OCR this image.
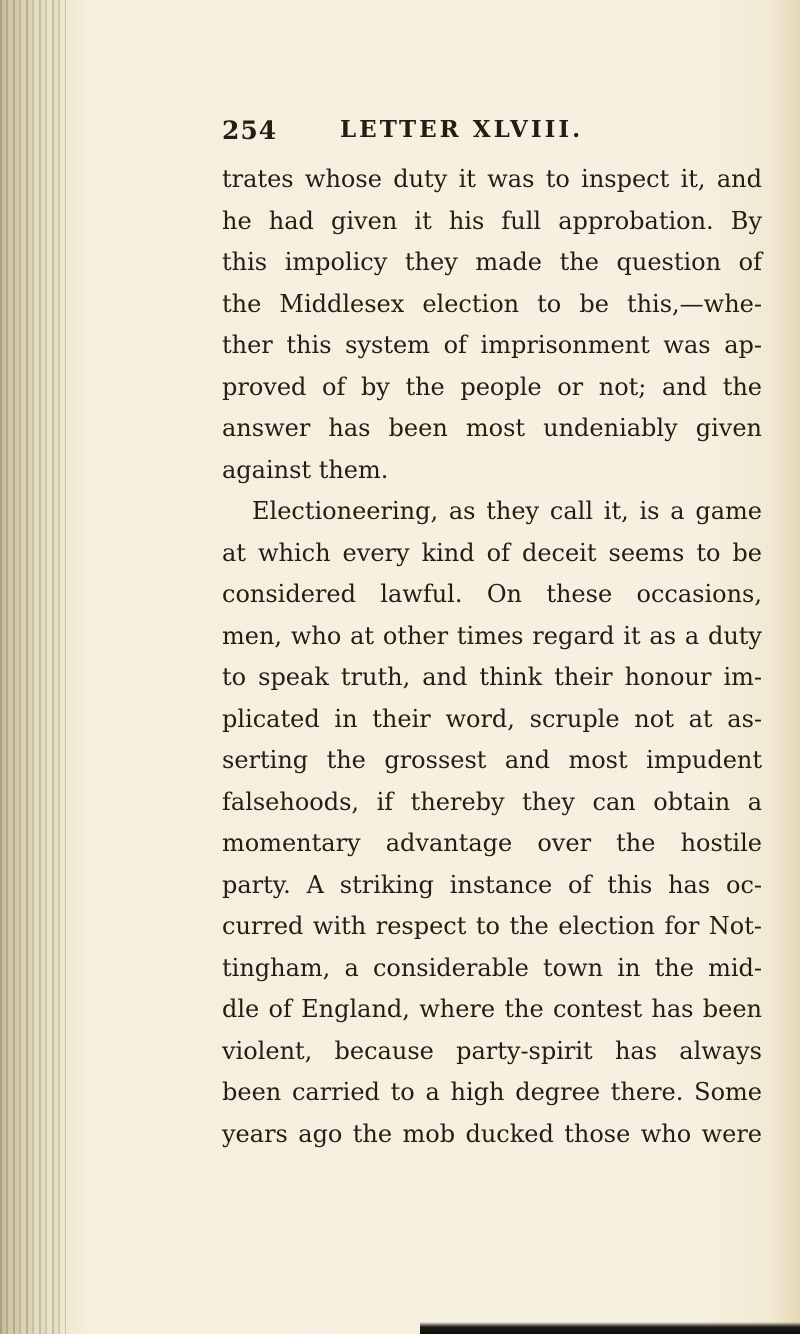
254	LETTER XLVIII.
trates whose duty it was to inspect it, and
he had given it his full approbation. By
this impolicy they made the question of
the Middlesex election to be this,—whe-
ther this system of imprisonment was ap-
proved of by the people or not; and the
answer has been most undeniably given
against them.
Electioneering, as they call it, is a game
at which every kind of deceit seems to be
considered lawful. On these occasions,
men, who at other times regard it as a duty
to speak truth, and think their honour im-
plicated in their word, scruple not at as-
serting the grossest and most impudent
falsehoods, if thereby they can obtain a
momentary advantage over the hostile
party. A striking instance of this has oc-
curred with respect to the election for Not-
tingham, a considerable town in the mid-
dle of England, where the contest has been
violent, because party-spirit has always
been carried to a high degree there. Some
years ago the mob ducked those who were
